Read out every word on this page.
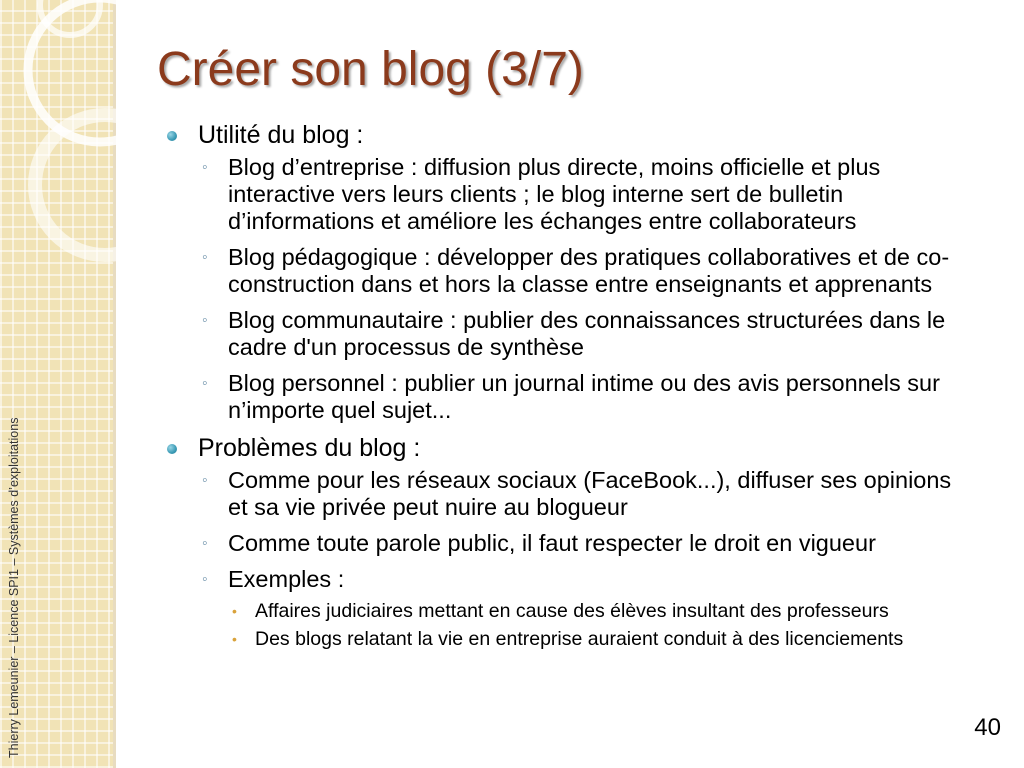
Créer son blog (3/7)
Utilité du blog :
◦ Blog d’entreprise : diffusion plus directe, moins officielle et plus interactive vers leurs clients ; le blog interne sert de bulletin d’informations et améliore les échanges entre collaborateurs
◦ Blog pédagogique : développer des pratiques collaboratives et de co-construction dans et hors la classe entre enseignants et apprenants
◦ Blog communautaire : publier des connaissances structurées dans le cadre d'un processus de synthèse
◦ Blog personnel : publier un journal intime ou des avis personnels sur n’importe quel sujet...
Problèmes du blog :
◦ Comme pour les réseaux sociaux (FaceBook...), diffuser ses opinions et sa vie privée peut nuire au blogueur
◦ Comme toute parole public, il faut respecter le droit en vigueur
◦ Exemples :
• Affaires judiciaires mettant en cause des élèves insultant des professeurs
• Des blogs relatant la vie en entreprise auraient conduit à des licenciements
Thierry Lemeunier – Licence SPI1 – Systèmes d’exploitations	40
